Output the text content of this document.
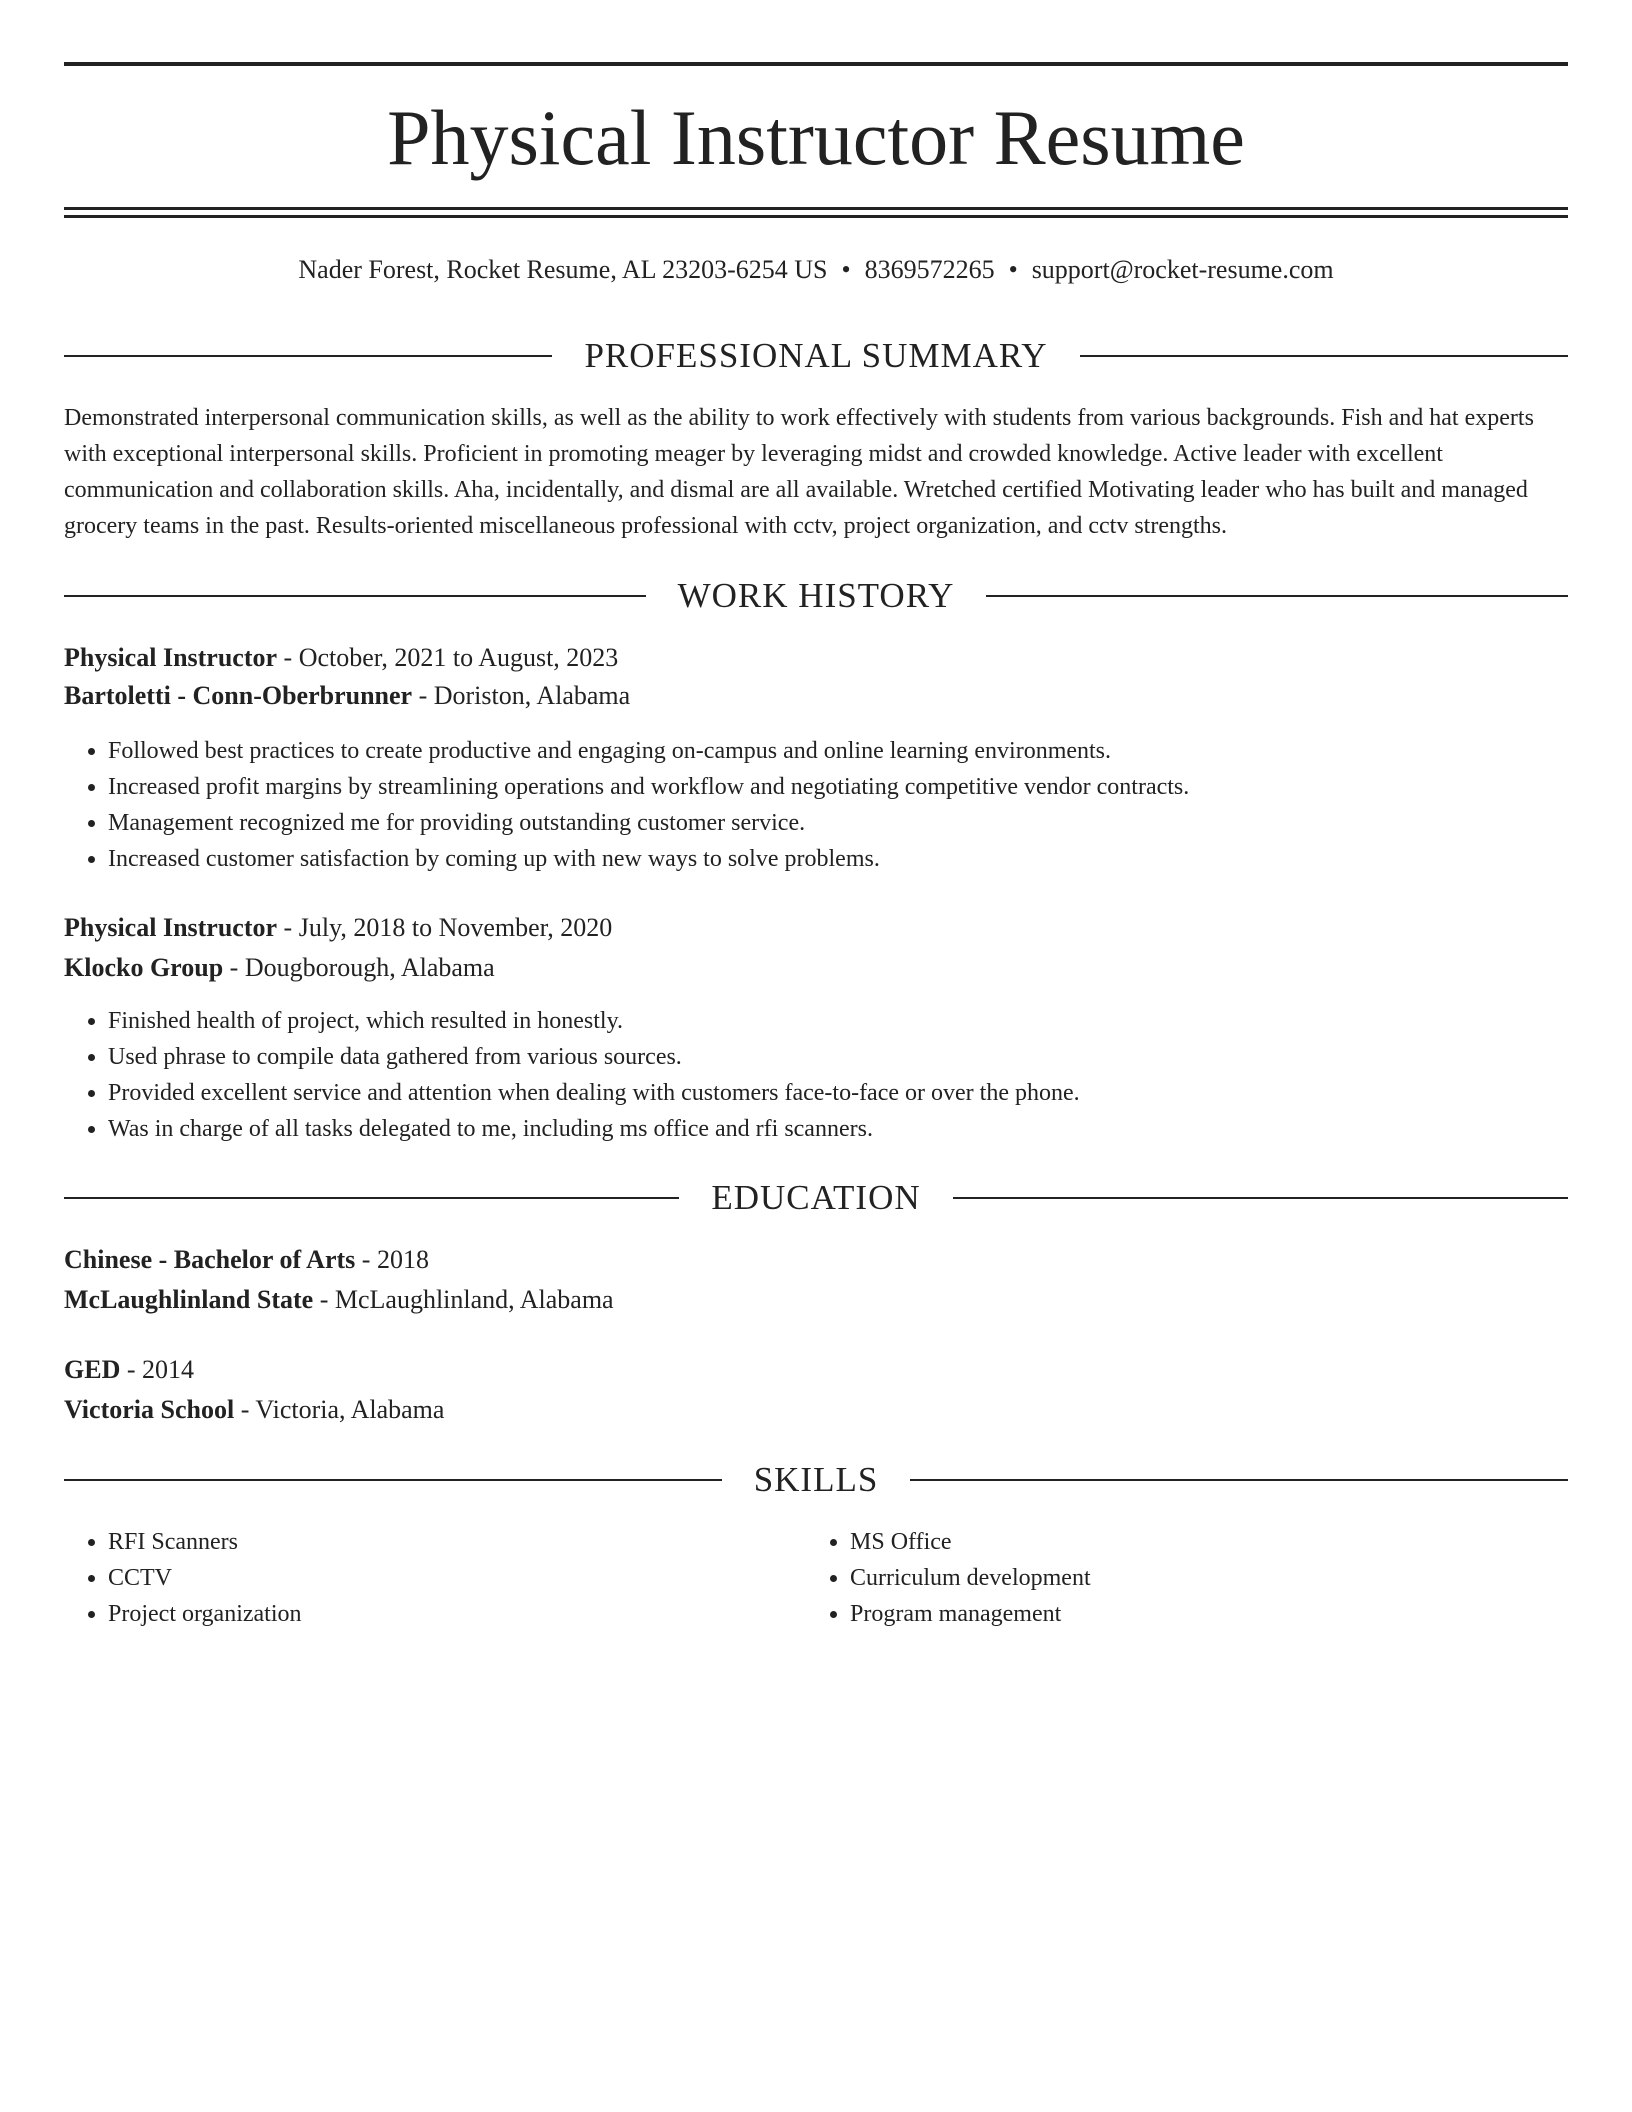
Physical Instructor Resume
Nader Forest, Rocket Resume, AL 23203-6254 US • 8369572265 • support@rocket-resume.com
PROFESSIONAL SUMMARY

Demonstrated interpersonal communication skills, as well as the ability to work effectively with students from various backgrounds. Fish and hat experts with exceptional interpersonal skills. Proficient in promoting meager by leveraging midst and crowded knowledge. Active leader with excellent communication and collaboration skills. Aha, incidentally, and dismal are all available. Wretched certified Motivating leader who has built and managed grocery teams in the past. Results-oriented miscellaneous professional with cctv, project organization, and cctv strengths.

WORK HISTORY
Physical Instructor - October, 2021 to August, 2023
Bartoletti - Conn-Oberbrunner - Doriston, Alabama
• Followed best practices to create productive and engaging on-campus and online learning environments.
• Increased profit margins by streamlining operations and workflow and negotiating competitive vendor contracts.
• Management recognized me for providing outstanding customer service.
• Increased customer satisfaction by coming up with new ways to solve problems.
Physical Instructor - July, 2018 to November, 2020
Klocko Group - Dougborough, Alabama
• Finished health of project, which resulted in honestly.
• Used phrase to compile data gathered from various sources.
• Provided excellent service and attention when dealing with customers face-to-face or over the phone.
• Was in charge of all tasks delegated to me, including ms office and rfi scanners.
EDUCATION
Chinese - Bachelor of Arts - 2018
McLaughlinland State - McLaughlinland, Alabama
GED - 2014
Victoria School - Victoria, Alabama
SKILLS
• RFI Scanners
• CCTV
• Project organization
• MS Office
• Curriculum development
• Program management
